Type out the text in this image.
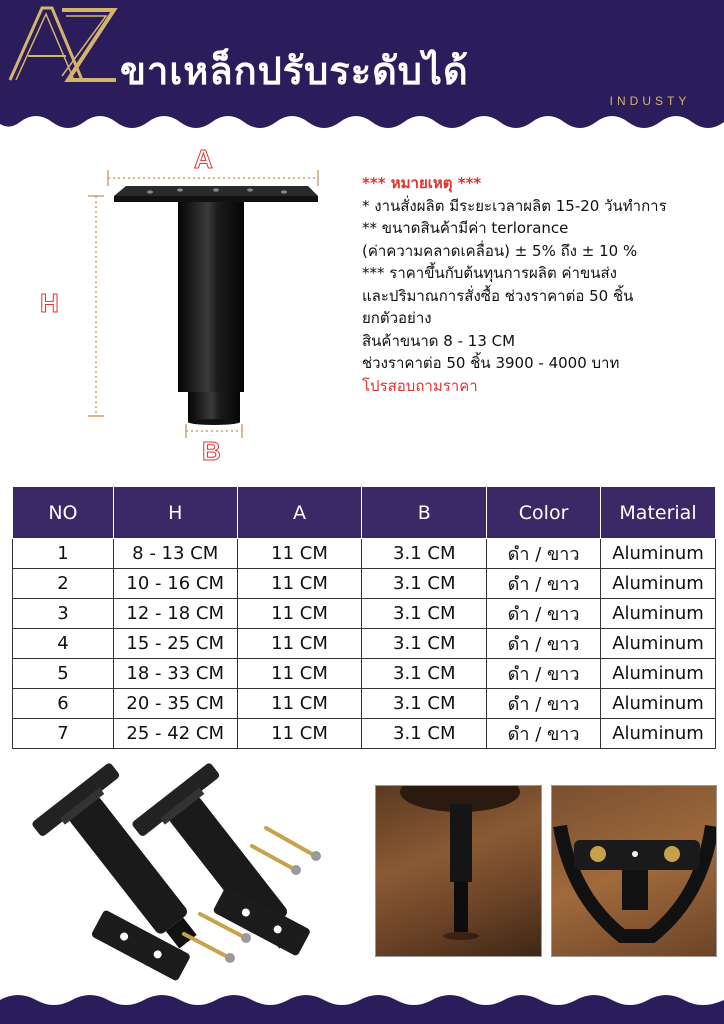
ขาเหล็กปรับระดับได้
INDUSTY
A
H
B
*** หมายเหตุ ***
* งานสั่งผลิต มีระยะเวลาผลิต 15-20 วันทำการ
** ขนาดสินค้ามีค่า terlorance
(ค่าความคลาดเคลื่อน) ± 5% ถึง ± 10 %
*** ราคาขึ้นกับต้นทุนการผลิต ค่าขนส่ง
และปริมาณการสั่งซื้อ ช่วงราคาต่อ 50 ชิ้น
ยกตัวอย่าง
สินค้าขนาด 8 - 13 CM
ช่วงราคาต่อ 50 ชิ้น 3900 - 4000 บาท
โปรสอบถามราคา
NO	H	A	B	Color	Material
1	8 - 13 CM	11 CM	3.1 CM	ดำ / ขาว	Aluminum
2	10 - 16 CM	11 CM	3.1 CM	ดำ / ขาว	Aluminum
3	12 - 18 CM	11 CM	3.1 CM	ดำ / ขาว	Aluminum
4	15 - 25 CM	11 CM	3.1 CM	ดำ / ขาว	Aluminum
5	18 - 33 CM	11 CM	3.1 CM	ดำ / ขาว	Aluminum
6	20 - 35 CM	11 CM	3.1 CM	ดำ / ขาว	Aluminum
7	25 - 42 CM	11 CM	3.1 CM	ดำ / ขาว	Aluminum
